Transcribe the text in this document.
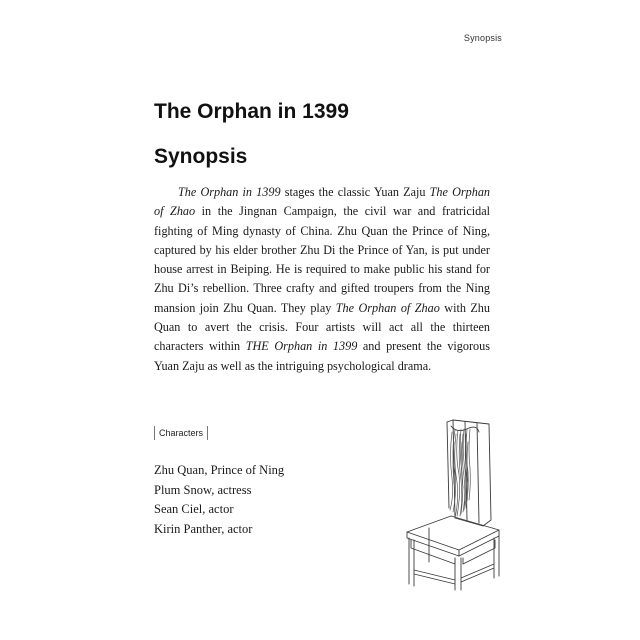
Synopsis
The Orphan in 1399
Synopsis

The Orphan in 1399 stages the classic Yuan Zaju The Orphan of Zhao in the Jingnan Campaign, the civil war and fratricidal fighting of Ming dynasty of China. Zhu Quan the Prince of Ning, captured by his elder brother Zhu Di the Prince of Yan, is put under house arrest in Beiping. He is required to make public his stand for Zhu Di’s rebellion. Three crafty and gifted troupers from the Ning mansion join Zhu Quan. They play The Orphan of Zhao with Zhu Quan to avert the crisis. Four artists will act all the thirteen characters within THE Orphan in 1399 and present the vigorous Yuan Zaju as well as the intriguing psychological drama.

Characters
Zhu Quan, Prince of Ning
Plum Snow, actress
Sean Ciel, actor
Kirin Panther, actor
